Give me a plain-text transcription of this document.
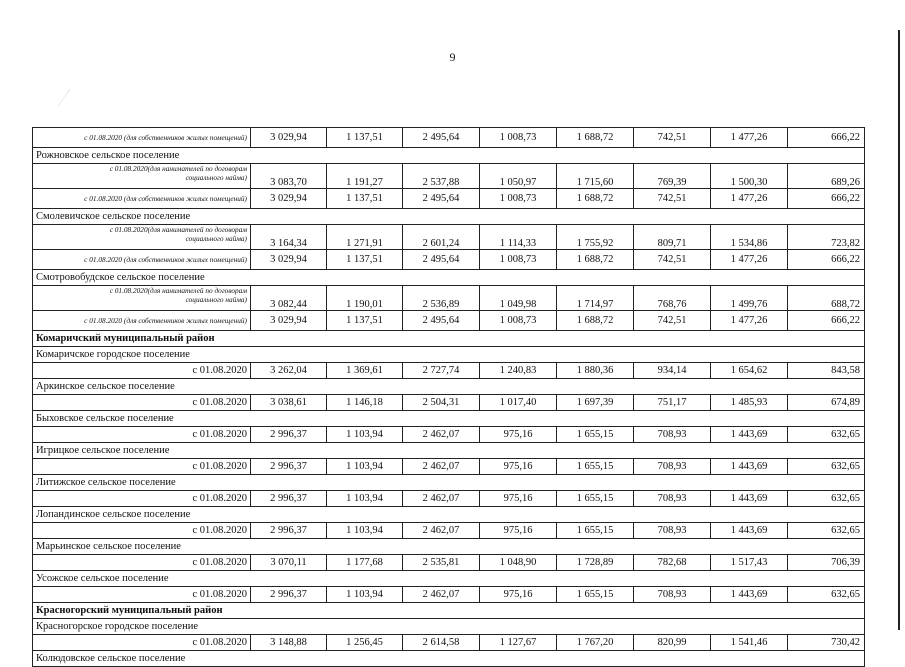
9
с 01.08.2020 (для собственников жилых помещений)	3 029,94	1 137,51	2 495,64	1 008,73	1 688,72	742,51	1 477,26	666,22
Рожновское сельское поселение								

с 01.08.2020(для нанимателей по договорам
социального найма)	3 083,70	1 191,27	2 537,88	1 050,97	1 715,60	769,39	1 500,30	689,26

с 01.08.2020 (для собственников жилых помещений)	3 029,94	1 137,51	2 495,64	1 008,73	1 688,72	742,51	1 477,26	666,22
Смолевичское сельское поселение								

с 01.08.2020(для нанимателей по договорам
социального найма)	3 164,34	1 271,91	2 601,24	1 114,33	1 755,92	809,71	1 534,86	723,82

с 01.08.2020 (для собственников жилых помещений)	3 029,94	1 137,51	2 495,64	1 008,73	1 688,72	742,51	1 477,26	666,22
Смотровобудское сельское поселение								

с 01.08.2020(для нанимателей по договорам
социального найма)	3 082,44	1 190,01	2 536,89	1 049,98	1 714,97	768,76	1 499,76	688,72

с 01.08.2020 (для собственников жилых помещений)	3 029,94	1 137,51	2 495,64	1 008,73	1 688,72	742,51	1 477,26	666,22
Комаричский муниципальный район								
Комаричское городское поселение								
с 01.08.2020	3 262,04	1 369,61	2 727,74	1 240,83	1 880,36	934,14	1 654,62	843,58
Аркинское сельское поселение								
с 01.08.2020	3 038,61	1 146,18	2 504,31	1 017,40	1 697,39	751,17	1 485,93	674,89
Быховское сельское поселение								
с 01.08.2020	2 996,37	1 103,94	2 462,07	975,16	1 655,15	708,93	1 443,69	632,65
Игрицкое сельское поселение								
с 01.08.2020	2 996,37	1 103,94	2 462,07	975,16	1 655,15	708,93	1 443,69	632,65
Литижское сельское поселение								
с 01.08.2020	2 996,37	1 103,94	2 462,07	975,16	1 655,15	708,93	1 443,69	632,65
Лопандинское сельское поселение								
с 01.08.2020	2 996,37	1 103,94	2 462,07	975,16	1 655,15	708,93	1 443,69	632,65
Марьинское сельское поселение								
с 01.08.2020	3 070,11	1 177,68	2 535,81	1 048,90	1 728,89	782,68	1 517,43	706,39
Усожское сельское поселение								
с 01.08.2020	2 996,37	1 103,94	2 462,07	975,16	1 655,15	708,93	1 443,69	632,65
Красногорский муниципальный район								
Красногорское городское поселение								
с 01.08.2020	3 148,88	1 256,45	2 614,58	1 127,67	1 767,20	820,99	1 541,46	730,42
Колюдовское сельское поселение								
